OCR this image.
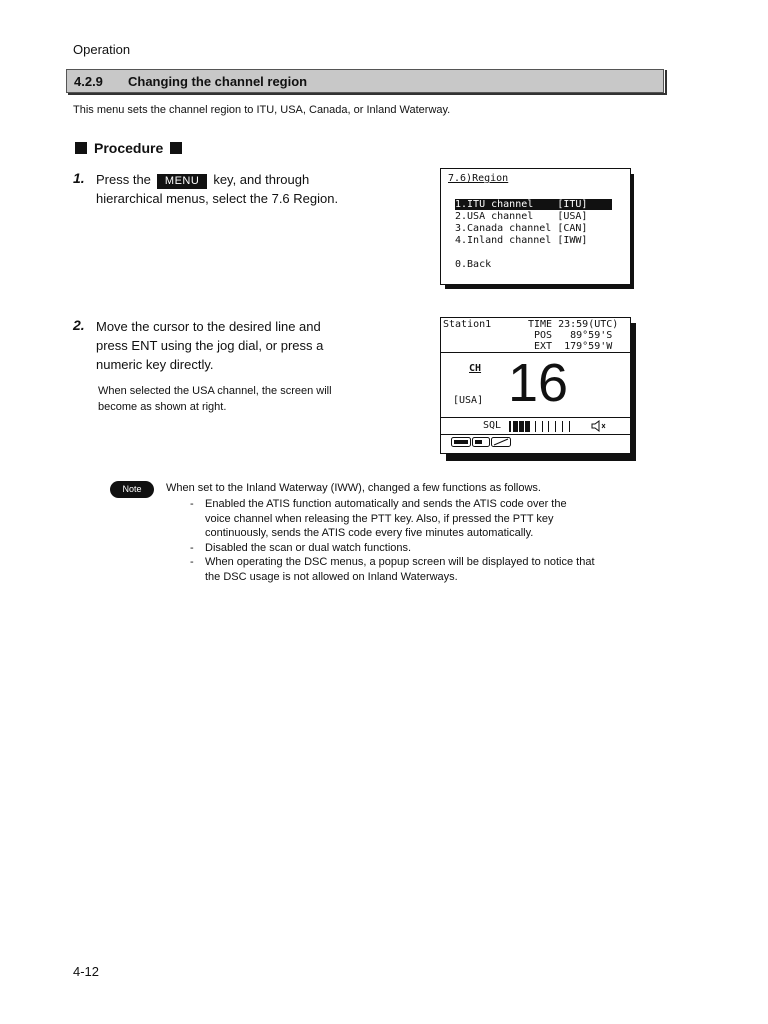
Operation
4.2.9 Changing the channel region
This menu sets the channel region to ITU, USA, Canada, or Inland Waterway.
Procedure
1. Press the MENU key, and through
hierarchical menus, select the 7.6 Region.
7.6)Region
1.ITU channel    [ITU]
2.USA channel    [USA]
3.Canada channel [CAN]
4.Inland channel [IWW]
0.Back
2. Move the cursor to the desired line and
press ENT using the jog dial, or press a
numeric key directly.
When selected the USA channel, the screen will
become as shown at right.
Station1	TIME 23:59(UTC)
POS   89°59'S
EXT  179°59'W
CH 16
[USA]
SQL
Note	When set to the Inland Waterway (IWW), changed a few functions as follows.
-	Enabled the ATIS function automatically and sends the ATIS code over the
voice channel when releasing the PTT key. Also, if pressed the PTT key
continuously, sends the ATIS code every five minutes automatically.
-	Disabled the scan or dual watch functions.
-	When operating the DSC menus, a popup screen will be displayed to notice that
the DSC usage is not allowed on Inland Waterways.
4-12
